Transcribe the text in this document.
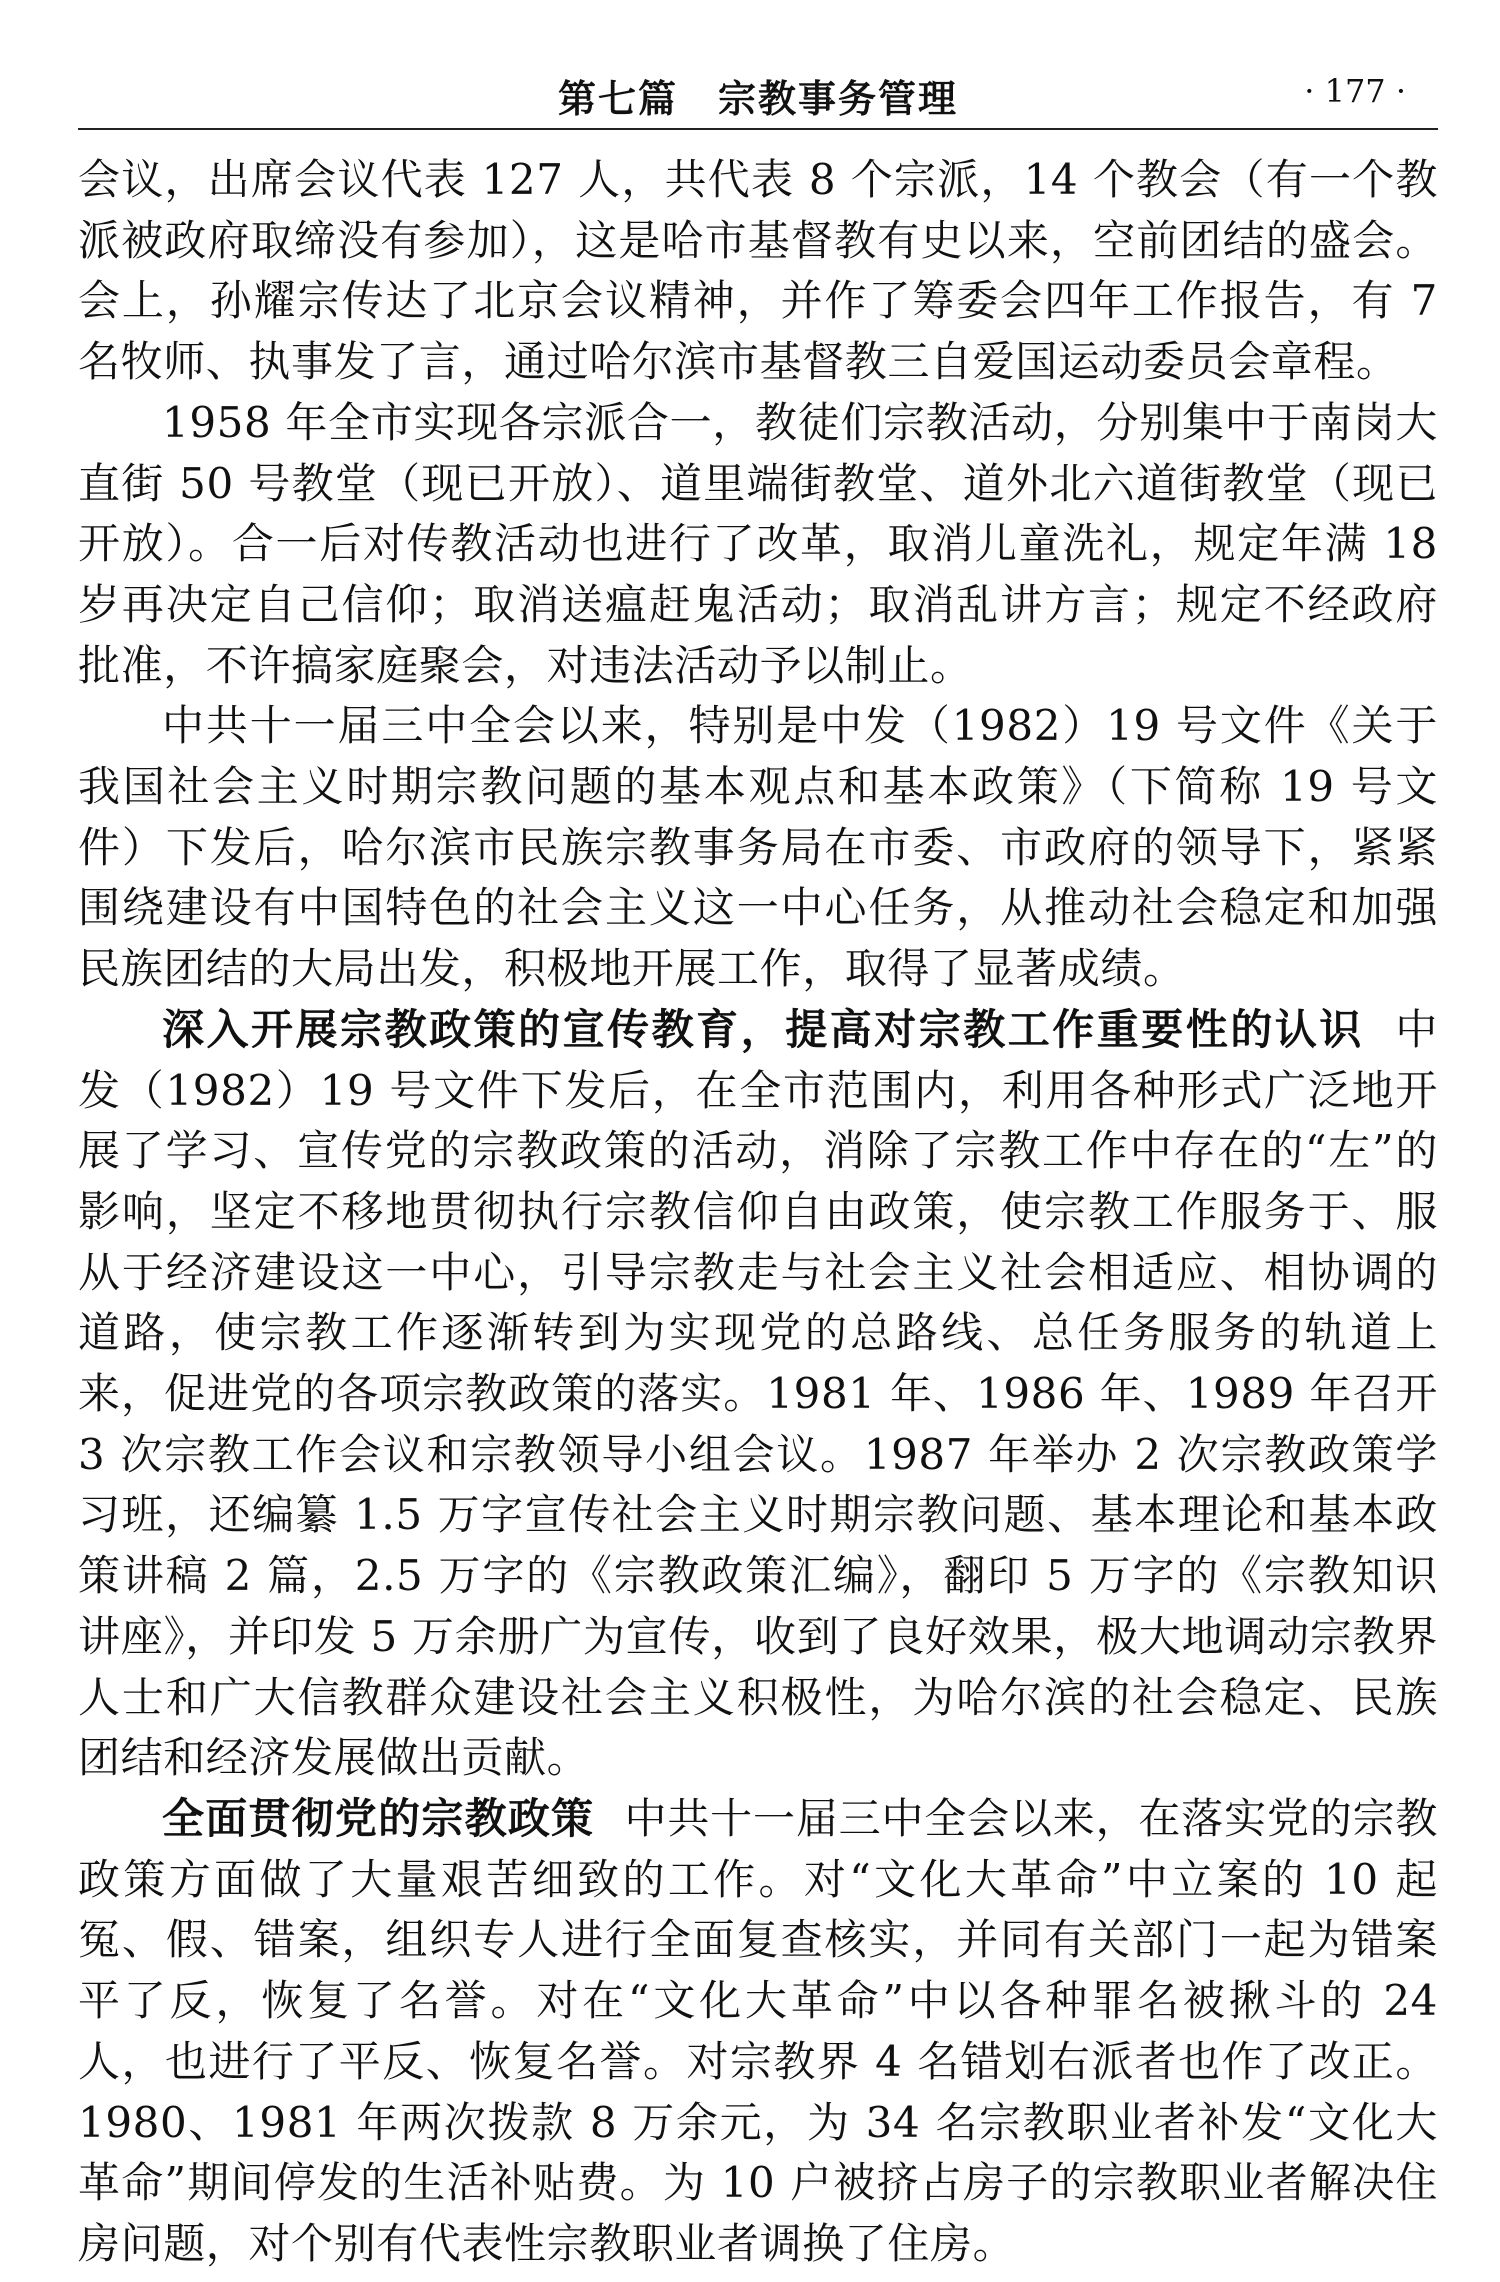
第七篇　宗教事务管理	· 177 ·

会议，出席会议代表 127 人，共代表 8 个宗派，14 个教会（有一个教派被政府取缔没有参加），这是哈市基督教有史以来，空前团结的盛会。会上，孙耀宗传达了北京会议精神，并作了筹委会四年工作报告，有 7 名牧师、执事发了言，通过哈尔滨市基督教三自爱国运动委员会章程。

1958 年全市实现各宗派合一，教徒们宗教活动，分别集中于南岗大直街 50 号教堂（现已开放）、道里端街教堂、道外北六道街教堂（现已开放）。合一后对传教活动也进行了改革，取消儿童洗礼，规定年满 18 岁再决定自己信仰；取消送瘟赶鬼活动；取消乱讲方言；规定不经政府批准，不许搞家庭聚会，对违法活动予以制止。

中共十一届三中全会以来，特别是中发（1982）19 号文件《关于我国社会主义时期宗教问题的基本观点和基本政策》（下简称 19 号文件）下发后，哈尔滨市民族宗教事务局在市委、市政府的领导下，紧紧围绕建设有中国特色的社会主义这一中心任务，从推动社会稳定和加强民族团结的大局出发，积极地开展工作，取得了显著成绩。

深入开展宗教政策的宣传教育，提高对宗教工作重要性的认识 中发（1982）19 号文件下发后，在全市范围内，利用各种形式广泛地开展了学习、宣传党的宗教政策的活动，消除了宗教工作中存在的“左”的影响，坚定不移地贯彻执行宗教信仰自由政策，使宗教工作服务于、服从于经济建设这一中心，引导宗教走与社会主义社会相适应、相协调的道路，使宗教工作逐渐转到为实现党的总路线、总任务服务的轨道上来，促进党的各项宗教政策的落实。1981 年、1986 年、1989 年召开 3 次宗教工作会议和宗教领导小组会议。1987 年举办 2 次宗教政策学习班，还编纂 1.5 万字宣传社会主义时期宗教问题、基本理论和基本政策讲稿 2 篇，2.5 万字的《宗教政策汇编》，翻印 5 万字的《宗教知识讲座》，并印发 5 万余册广为宣传，收到了良好效果，极大地调动宗教界人士和广大信教群众建设社会主义积极性，为哈尔滨的社会稳定、民族团结和经济发展做出贡献。

全面贯彻党的宗教政策 中共十一届三中全会以来，在落实党的宗教政策方面做了大量艰苦细致的工作。对“文化大革命”中立案的 10 起冤、假、错案，组织专人进行全面复查核实，并同有关部门一起为错案平了反，恢复了名誉。对在“文化大革命”中以各种罪名被揪斗的 24 人，也进行了平反、恢复名誉。对宗教界 4 名错划右派者也作了改正。1980、1981 年两次拨款 8 万余元，为 34 名宗教职业者补发“文化大革命”期间停发的生活补贴费。为 10 户被挤占房子的宗教职业者解决住房问题，对个别有代表性宗教职业者调换了住房。
